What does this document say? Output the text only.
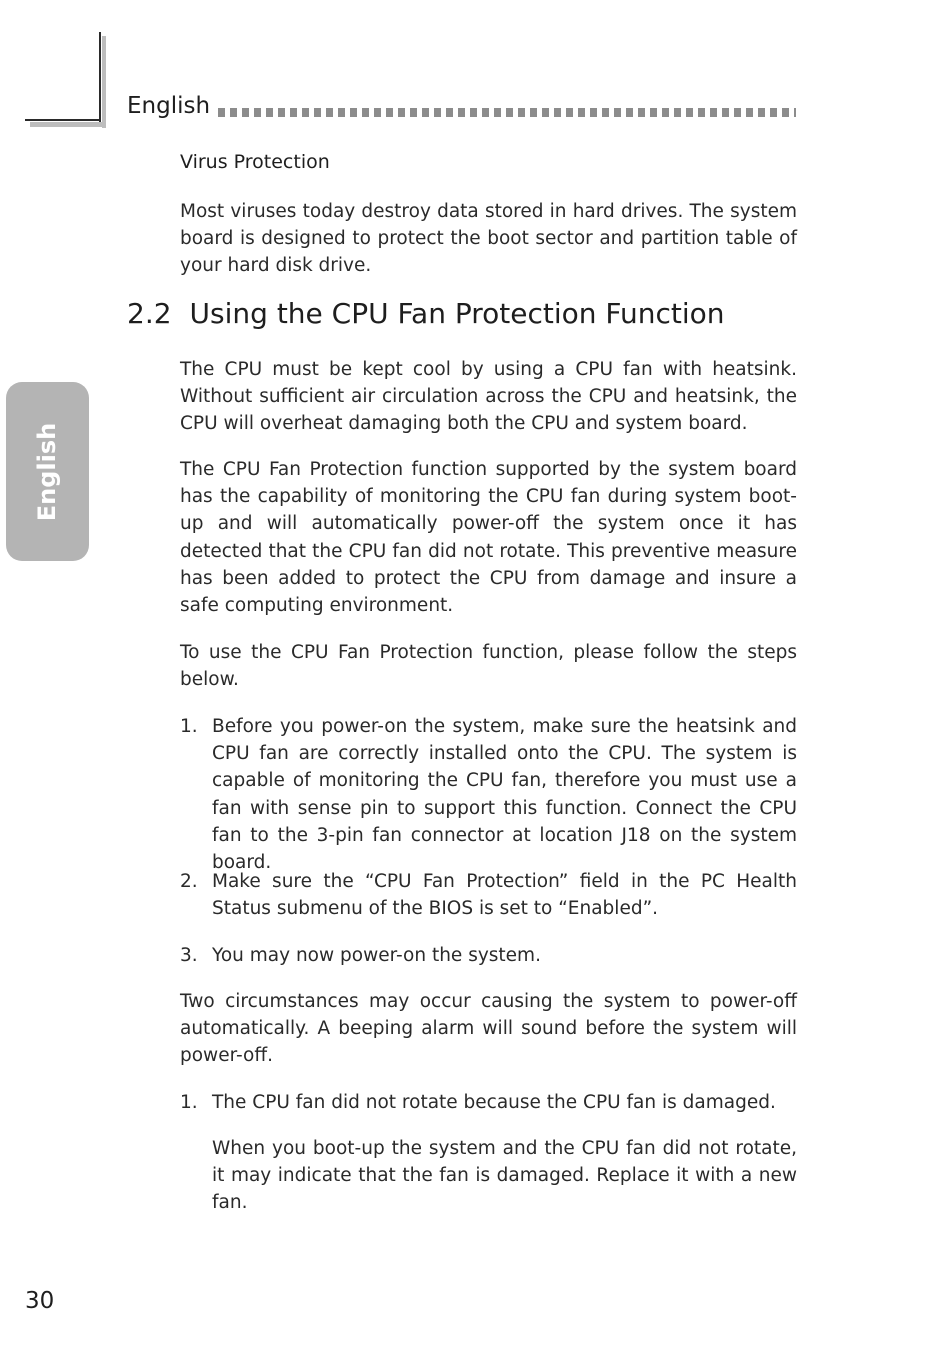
English
English
Virus Protection

Most viruses today destroy data stored in hard drives. The system board is designed to protect the boot sector and partition table of your hard disk drive.

2.2 Using the CPU Fan Protection Function

The CPU must be kept cool by using a CPU fan with heatsink. Without sufficient air circulation across the CPU and heatsink, the CPU will overheat damaging both the CPU and system board.

The CPU Fan Protection function supported by the system board has the capability of monitoring the CPU fan during system boot-up and will automatically power-off the system once it has detected that the CPU fan did not rotate. This preventive measure has been added to protect the CPU from damage and insure a safe computing environment.

To use the CPU Fan Protection function, please follow the steps below.

1. Before you power-on the system, make sure the heatsink and CPU fan are correctly installed onto the CPU. The system is capable of monitoring the CPU fan, therefore you must use a fan with sense pin to support this function. Connect the CPU fan to the 3-pin fan connector at location J18 on the system board.
2. Make sure the “CPU Fan Protection” field in the PC Health Status submenu of the BIOS is set to “Enabled”.
3. You may now power-on the system.

Two circumstances may occur causing the system to power-off automatically. A beeping alarm will sound before the system will power-off.

1. The CPU fan did not rotate because the CPU fan is damaged.
When you boot-up the system and the CPU fan did not rotate, it may indicate that the fan is damaged. Replace it with a new fan.
30
